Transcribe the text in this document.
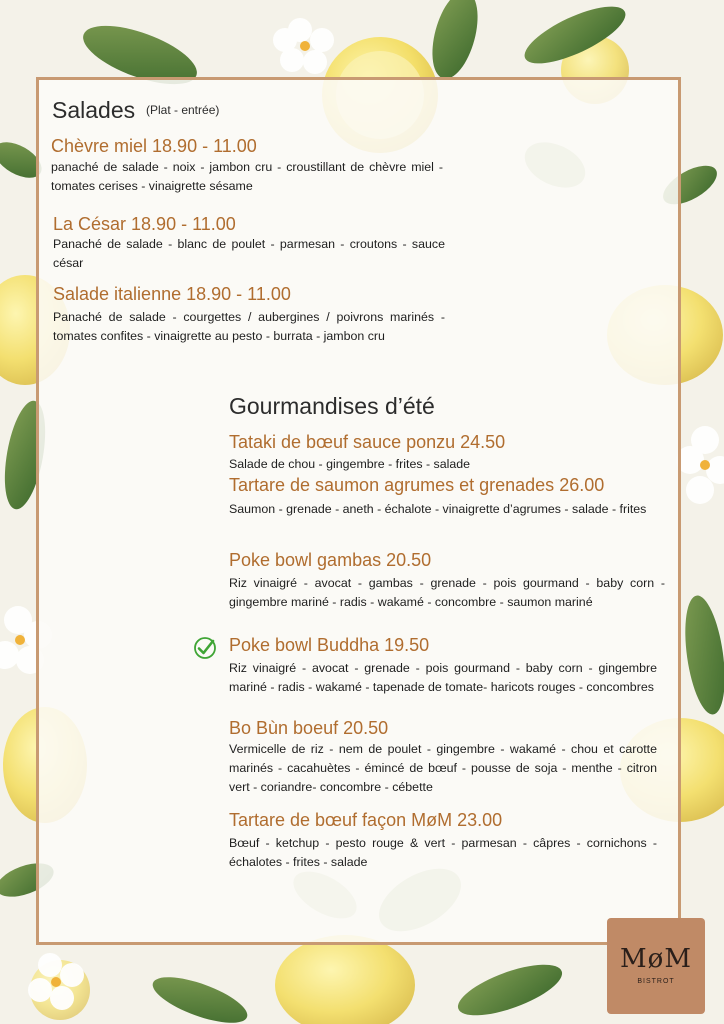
Salades (Plat - entrée)
Chèvre miel 18.90 - 11.00
panaché de salade - noix - jambon cru - croustillant de chèvre miel - tomates cerises - vinaigrette sésame
La César 18.90 - 11.00
Panaché de salade - blanc de poulet - parmesan - croutons - sauce césar
Salade italienne 18.90 - 11.00
Panaché de salade - courgettes / aubergines / poivrons marinés - tomates confites - vinaigrette au pesto - burrata - jambon cru
Gourmandises d’été
Tataki de bœuf sauce ponzu 24.50
Salade de chou - gingembre - frites - salade
Tartare de saumon agrumes et grenades 26.00
Saumon - grenade - aneth - échalote - vinaigrette d’agrumes - salade - frites
Poke bowl gambas 20.50
Riz vinaigré - avocat - gambas - grenade - pois gourmand - baby corn - gingembre mariné - radis - wakamé - concombre - saumon mariné
Poke bowl Buddha 19.50
Riz vinaigré - avocat - grenade - pois gourmand - baby corn - gingembre mariné - radis - wakamé - tapenade de tomate- haricots rouges - concombres
Bo Bùn boeuf 20.50
Vermicelle de riz - nem de poulet - gingembre - wakamé - chou et carotte marinés - cacahuètes - émincé de bœuf - pousse de soja - menthe - citron vert - coriandre- concombre - cébette
Tartare de bœuf façon MøM 23.00
Bœuf - ketchup - pesto rouge & vert - parmesan - câpres - cornichons - échalotes - frites - salade
MøM
BISTROT
